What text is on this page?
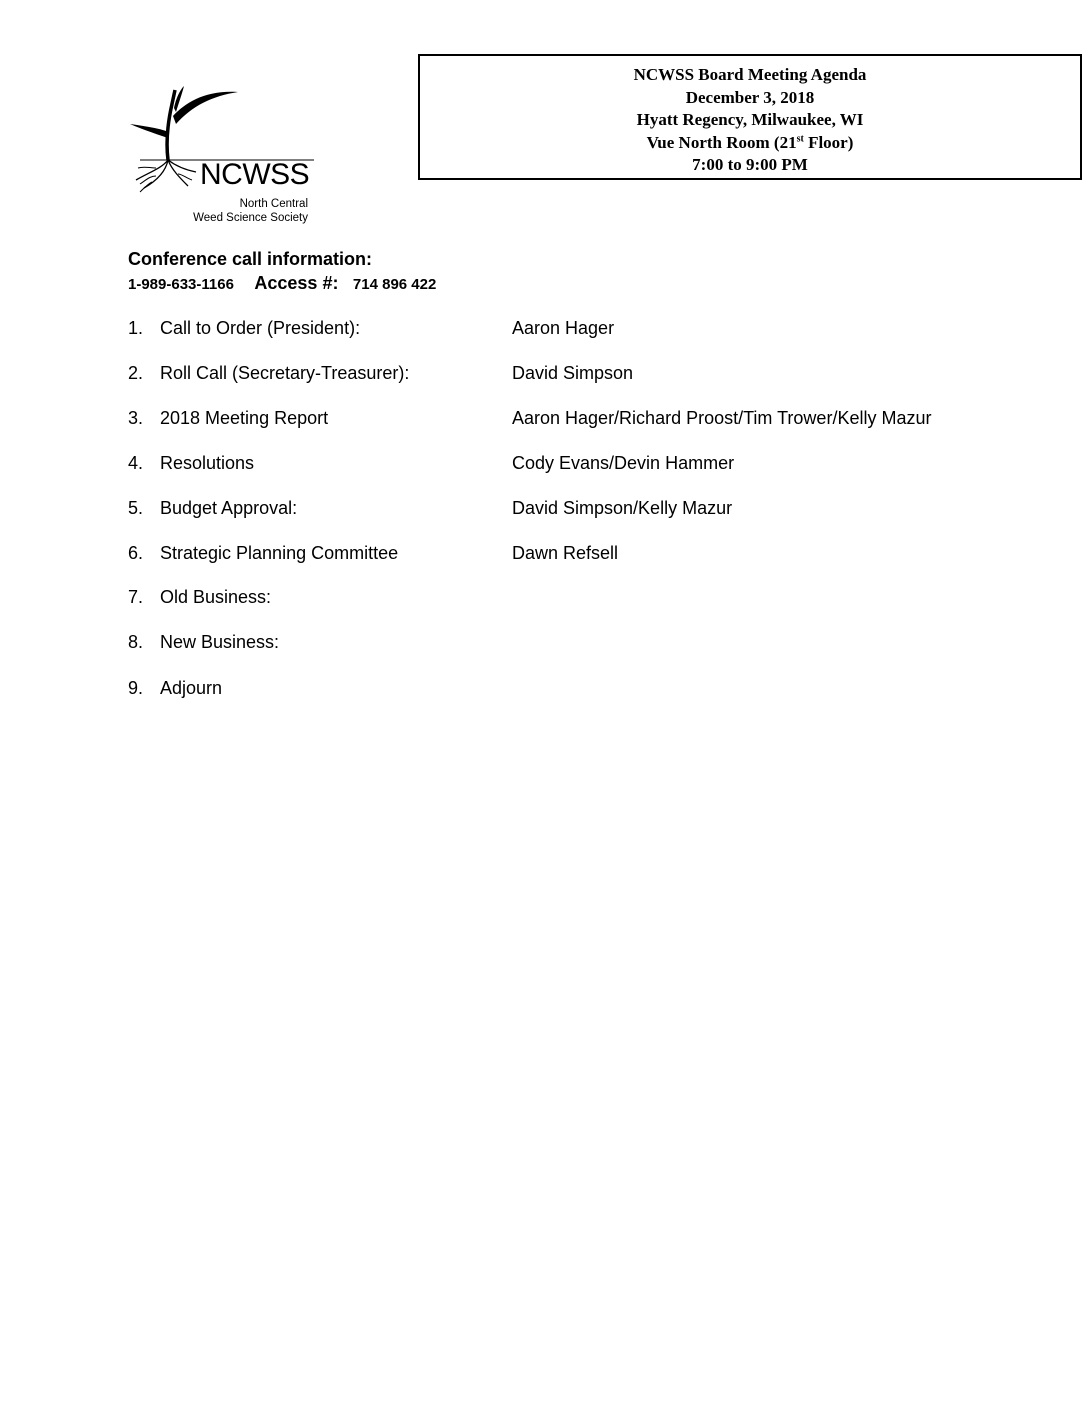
NCWSS
North Central
Weed Science Society
NCWSS Board Meeting Agenda
December 3, 2018
Hyatt Regency, Milwaukee, WI
Vue North Room (21st Floor)
7:00 to 9:00 PM
Conference call information:
1-989-633-1166 Access #: 714 896 422
1. Call to Order (President):	Aaron Hager
2. Roll Call (Secretary-Treasurer):	David Simpson
3. 2018 Meeting Report	Aaron Hager/Richard Proost/Tim Trower/Kelly Mazur
4. Resolutions	Cody Evans/Devin Hammer
5. Budget Approval:	David Simpson/Kelly Mazur
6. Strategic Planning Committee	Dawn Refsell
7. Old Business:
8. New Business:
9. Adjourn
